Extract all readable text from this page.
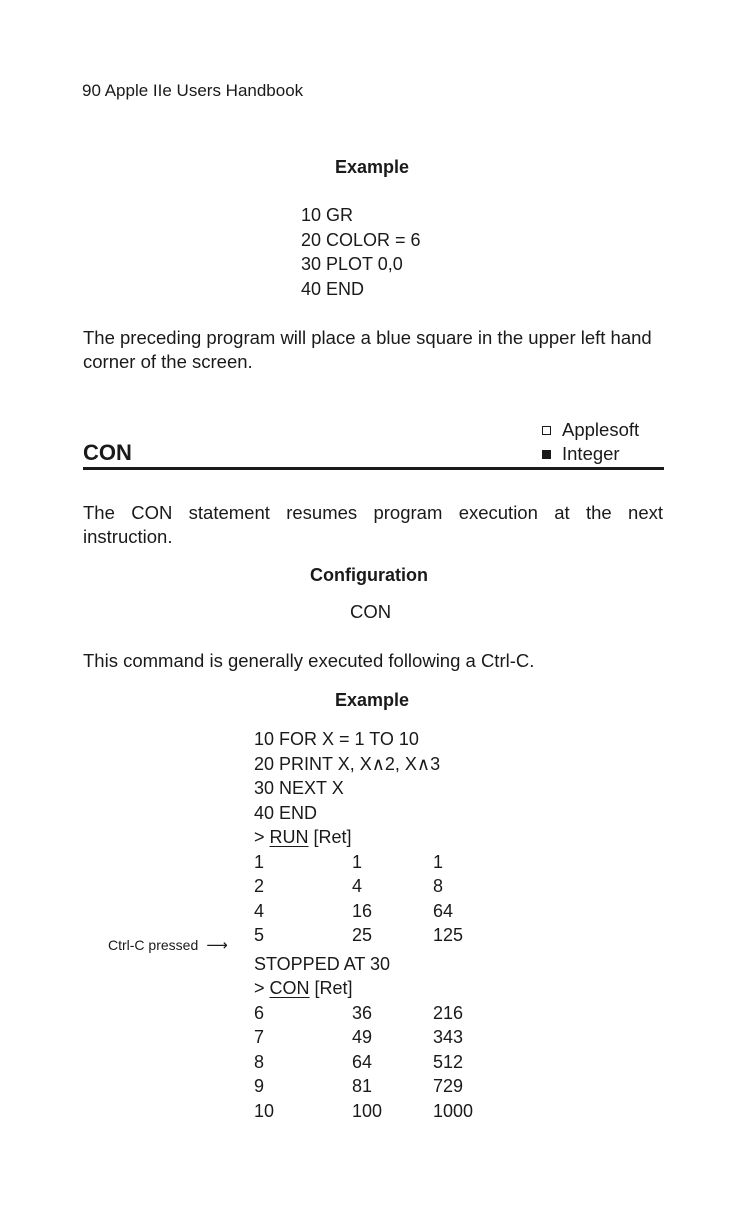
90 Apple IIe Users Handbook
Example
10 GR
20 COLOR = 6
30 PLOT 0,0
40 END
The preceding program will place a blue square in the upper left hand corner of the screen.
CON
Applesoft
Integer
The CON statement resumes program execution at the next instruction.
Configuration
CON
This command is generally executed following a Ctrl-C.
Example
10 FOR X = 1 TO 10
20 PRINT X, X∧2, X∧3
30 NEXT X
40 END
> RUN [Ret]
1	1	1
2	4	8
4	16	64
5	25	125
STOPPED AT 30
> CON [Ret]
6	36	216
7	49	343
8	64	512
9	81	729
10	100	1000
Ctrl-C pressed ⟶
